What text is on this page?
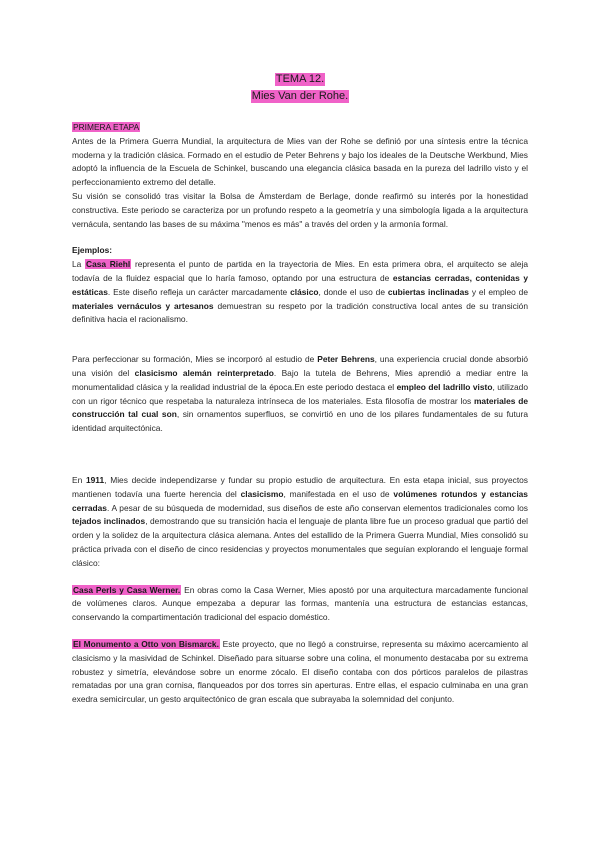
TEMA 12.
Mies Van der Rohe.

PRIMERA ETAPA

Antes de la Primera Guerra Mundial, la arquitectura de Mies van der Rohe se definió por una síntesis entre la técnica moderna y la tradición clásica. Formado en el estudio de Peter Behrens y bajo los ideales de la Deutsche Werkbund, Mies adoptó la influencia de la Escuela de Schinkel, buscando una elegancia clásica basada en la pureza del ladrillo visto y el perfeccionamiento extremo del detalle.

Su visión se consolidó tras visitar la Bolsa de Ámsterdam de Berlage, donde reafirmó su interés por la honestidad constructiva. Este periodo se caracteriza por un profundo respeto a la geometría y una simbología ligada a la arquitectura vernácula, sentando las bases de su máxima "menos es más" a través del orden y la armonía formal.

Ejemplos:

La Casa Riehl representa el punto de partida en la trayectoria de Mies. En esta primera obra, el arquitecto se aleja todavía de la fluidez espacial que lo haría famoso, optando por una estructura de estancias cerradas, contenidas y estáticas. Este diseño refleja un carácter marcadamente clásico, donde el uso de cubiertas inclinadas y el empleo de materiales vernáculos y artesanos demuestran su respeto por la tradición constructiva local antes de su transición definitiva hacia el racionalismo.

Para perfeccionar su formación, Mies se incorporó al estudio de Peter Behrens, una experiencia crucial donde absorbió una visión del clasicismo alemán reinterpretado. Bajo la tutela de Behrens, Mies aprendió a mediar entre la monumentalidad clásica y la realidad industrial de la época.En este periodo destaca el empleo del ladrillo visto, utilizado con un rigor técnico que respetaba la naturaleza intrínseca de los materiales. Esta filosofía de mostrar los materiales de construcción tal cual son, sin ornamentos superfluos, se convirtió en uno de los pilares fundamentales de su futura identidad arquitectónica.

En 1911, Mies decide independizarse y fundar su propio estudio de arquitectura. En esta etapa inicial, sus proyectos mantienen todavía una fuerte herencia del clasicismo, manifestada en el uso de volúmenes rotundos y estancias cerradas. A pesar de su búsqueda de modernidad, sus diseños de este año conservan elementos tradicionales como los tejados inclinados, demostrando que su transición hacia el lenguaje de planta libre fue un proceso gradual que partió del orden y la solidez de la arquitectura clásica alemana. Antes del estallido de la Primera Guerra Mundial, Mies consolidó su práctica privada con el diseño de cinco residencias y proyectos monumentales que seguían explorando el lenguaje formal clásico:

Casa Perls y Casa Werner. En obras como la Casa Werner, Mies apostó por una arquitectura marcadamente funcional de volúmenes claros. Aunque empezaba a depurar las formas, mantenía una estructura de estancias estancas, conservando la compartimentación tradicional del espacio doméstico.

El Monumento a Otto von Bismarck. Este proyecto, que no llegó a construirse, representa su máximo acercamiento al clasicismo y la masividad de Schinkel. Diseñado para situarse sobre una colina, el monumento destacaba por su extrema robustez y simetría, elevándose sobre un enorme zócalo. El diseño contaba con dos pórticos paralelos de pilastras rematadas por una gran cornisa, flanqueados por dos torres sin aperturas. Entre ellas, el espacio culminaba en una gran exedra semicircular, un gesto arquitectónico de gran escala que subrayaba la solemnidad del conjunto.
